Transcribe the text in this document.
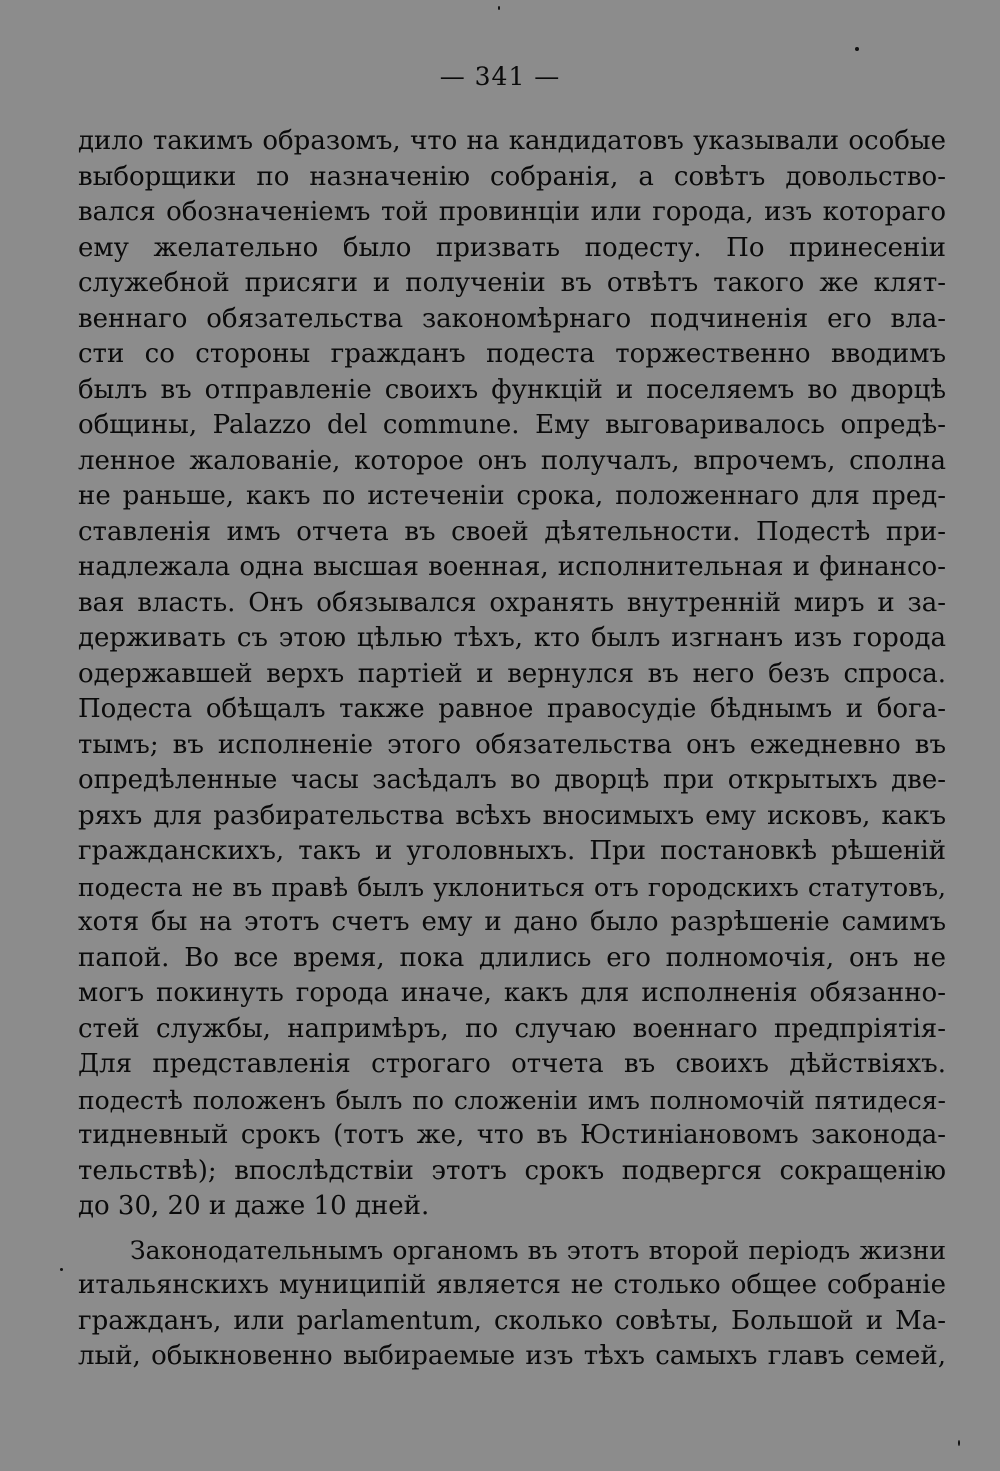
— 341 —
дило такимъ образомъ, что на кандидатовъ указывали особые
выборщики по назначенію собранія, а совѣтъ довольство-
вался обозначеніемъ той провинціи или города, изъ котораго
ему желательно было призвать подесту. По принесеніи
служебной присяги и полученіи въ отвѣтъ такого же клят-
веннаго обязательства закономѣрнаго подчиненія его вла-
сти со стороны гражданъ подеста торжественно вводимъ
былъ въ отправленіе своихъ функцій и поселяемъ во дворцѣ
общины, Palazzo del commune. Ему выговаривалось опредѣ-
ленное жалованіе, которое онъ получалъ, впрочемъ, сполна
не раньше, какъ по истеченіи срока, положеннаго для пред-
ставленія имъ отчета въ своей дѣятельности. Подестѣ при-
надлежала одна высшая военная, исполнительная и финансо-
вая власть. Онъ обязывался охранять внутренній миръ и за-
держивать съ этою цѣлью тѣхъ, кто былъ изгнанъ изъ города
одержавшей верхъ партіей и вернулся въ него безъ спроса.
Подеста обѣщалъ также равное правосудіе бѣднымъ и бога-
тымъ; въ исполненіе этого обязательства онъ ежедневно въ
опредѣленные часы засѣдалъ во дворцѣ при открытыхъ две-
ряхъ для разбирательства всѣхъ вносимыхъ ему исковъ, какъ
гражданскихъ, такъ и уголовныхъ. При постановкѣ рѣшеній
подеста не въ правѣ былъ уклониться отъ городскихъ статутовъ,
хотя бы на этотъ счетъ ему и дано было разрѣшеніе самимъ
папой. Во все время, пока длились его полномочія, онъ не
могъ покинуть города иначе, какъ для исполненія обязанно-
стей службы, напримѣръ, по случаю военнаго предпріятія-
Для представленія строгаго отчета въ своихъ дѣйствіяхъ.
подестѣ положенъ былъ по сложеніи имъ полномочій пятидеся-
тидневный срокъ (тотъ же, что въ Юстиніановомъ законода-
тельствѣ); впослѣдствіи этотъ срокъ подвергся сокращенію
до 30, 20 и даже 10 дней.
Законодательнымъ органомъ въ этотъ второй періодъ жизни
итальянскихъ муниципій является не столько общее собраніе
гражданъ, или parlamentum, сколько совѣты, Большой и Ма-
лый, обыкновенно выбираемые изъ тѣхъ самыхъ главъ семей,
